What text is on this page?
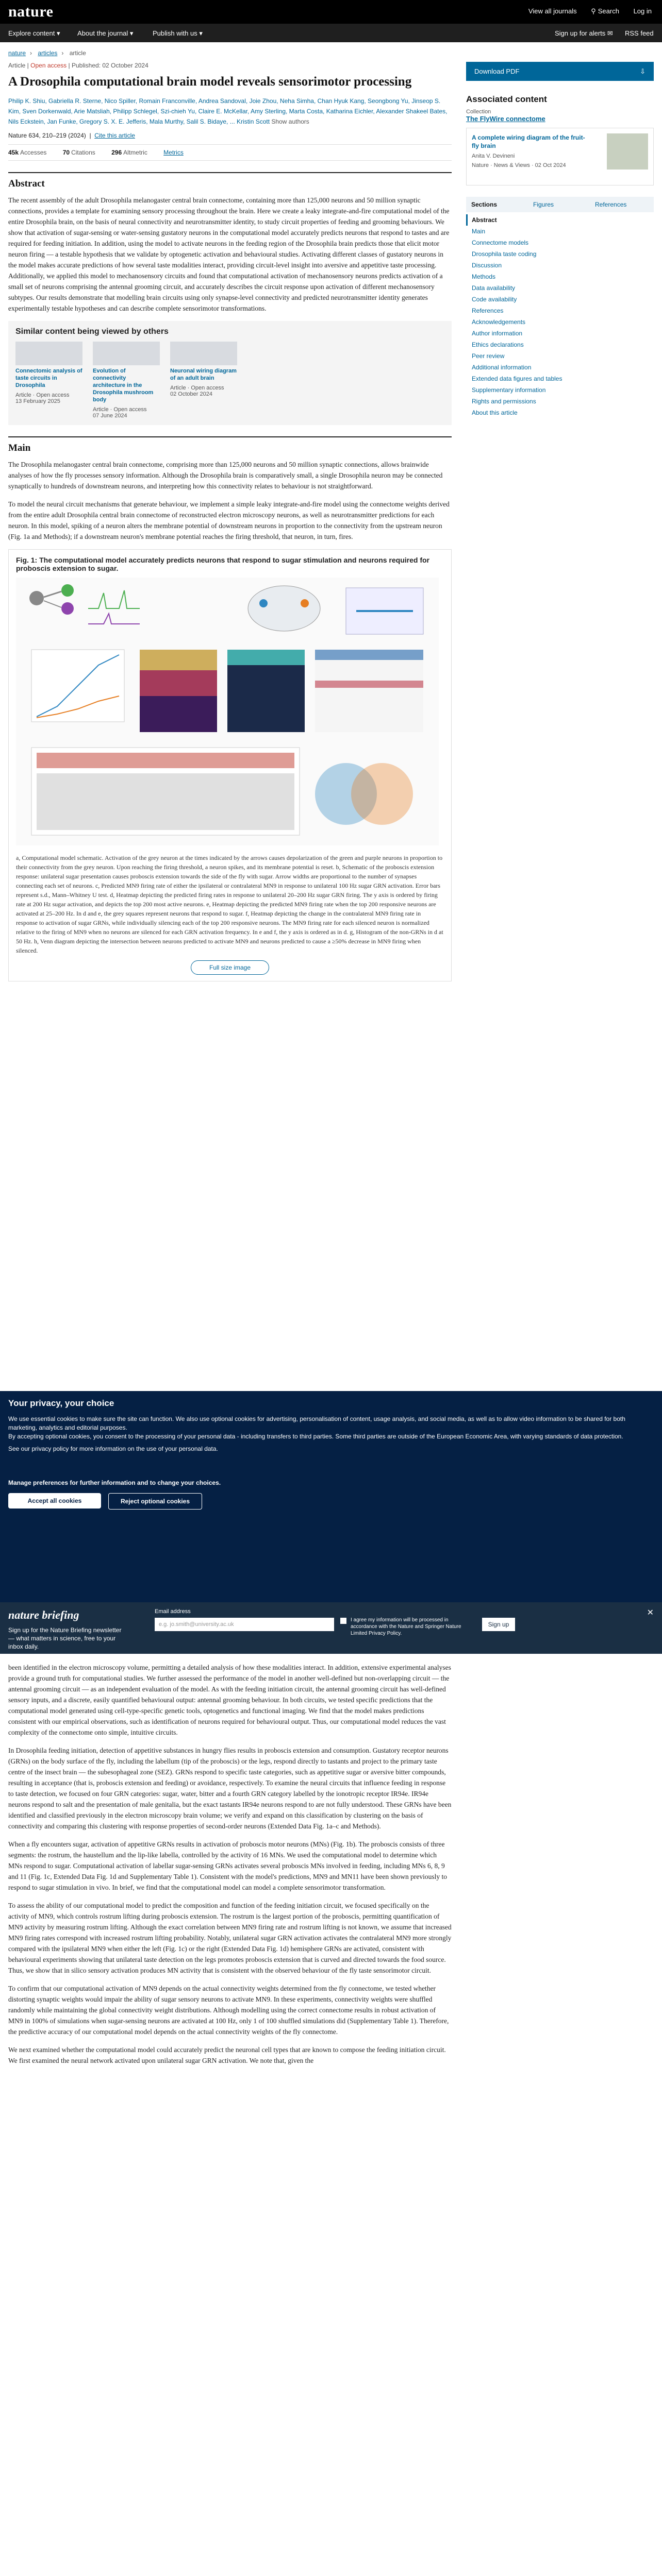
nature	View all journals ⚲ Search Log in
Explore content ▾	About the journal ▾	Publish with us ▾	Sign up for alerts ✉ RSS feed
nature › articles › article
Article | Open access | Published: 02 October 2024
A Drosophila computational brain model reveals sensorimotor processing
Philip K. Shiu, Gabriella R. Sterne, Nico Spiller, Romain Franconville, Andrea Sandoval, Joie Zhou, Neha Simha, Chan Hyuk Kang, Seongbong Yu, Jinseop S. Kim, Sven Dorkenwald, Arie Matsliah, Philipp Schlegel, Szi-chieh Yu, Claire E. McKellar, Amy Sterling, Marta Costa, Katharina Eichler, Alexander Shakeel Bates, Nils Eckstein, Jan Funke, Gregory S. X. E. Jefferis, Mala Murthy, Salil S. Bidaye, ... Kristin Scott Show authors
Nature 634, 210–219 (2024)  |  Cite this article
45k Accesses	70 Citations	296 Altmetric	Metrics
Abstract

The recent assembly of the adult Drosophila melanogaster central brain connectome, containing more than 125,000 neurons and 50 million synaptic connections, provides a template for examining sensory processing throughout the brain. Here we create a leaky integrate-and-fire computational model of the entire Drosophila brain, on the basis of neural connectivity and neurotransmitter identity, to study circuit properties of feeding and grooming behaviours. We show that activation of sugar-sensing or water-sensing gustatory neurons in the computational model accurately predicts neurons that respond to tastes and are required for feeding initiation. In addition, using the model to activate neurons in the feeding region of the Drosophila brain predicts those that elicit motor neuron firing — a testable hypothesis that we validate by optogenetic activation and behavioural studies. Activating different classes of gustatory neurons in the model makes accurate predictions of how several taste modalities interact, providing circuit-level insight into aversive and appetitive taste processing. Additionally, we applied this model to mechanosensory circuits and found that computational activation of mechanosensory neurons predicts activation of a small set of neurons comprising the antennal grooming circuit, and accurately describes the circuit response upon activation of different mechanosensory subtypes. Our results demonstrate that modelling brain circuits using only synapse-level connectivity and predicted neurotransmitter identity generates experimentally testable hypotheses and can describe complete sensorimotor transformations.

Similar content being viewed by others
Connectomic analysis of taste circuits in Drosophila
Article · Open access
13 February 2025
Evolution of connectivity architecture in the Drosophila mushroom body
Article · Open access
07 June 2024
Neuronal wiring diagram of an adult brain
Article · Open access
02 October 2024
Main

The Drosophila melanogaster central brain connectome, comprising more than 125,000 neurons and 50 million synaptic connections, allows brainwide analyses of how the fly processes sensory information. Although the Drosophila brain is comparatively small, a single Drosophila neuron may be connected synaptically to hundreds of downstream neurons, and interpreting how this connectivity relates to behaviour is not straightforward.

To model the neural circuit mechanisms that generate behaviour, we implement a simple leaky integrate-and-fire model using the connectome weights derived from the entire adult Drosophila central brain connectome of reconstructed electron microscopy neurons, as well as neurotransmitter predictions for each neuron. In this model, spiking of a neuron alters the membrane potential of downstream neurons in proportion to the connectivity from the upstream neuron (Fig. 1a and Methods); if a downstream neuron's membrane potential reaches the firing threshold, that neuron, in turn, fires.

Fig. 1: The computational model accurately predicts neurons that respond to sugar stimulation and neurons required for proboscis extension to sugar.
a, Computational model schematic. Activation of the grey neuron at the times indicated by the arrows causes depolarization of the green and purple neurons in proportion to their connectivity from the grey neuron. Upon reaching the firing threshold, a neuron spikes, and its membrane potential is reset. b, Schematic of the proboscis extension response: unilateral sugar presentation causes proboscis extension towards the side of the fly with sugar. Arrow widths are proportional to the number of synapses connecting each set of neurons. c, Predicted MN9 firing rate of either the ipsilateral or contralateral MN9 in response to unilateral 100 Hz sugar GRN activation. Error bars represent s.d., Mann–Whitney U test. d, Heatmap depicting the predicted firing rates in response to unilateral 20–200 Hz sugar GRN firing. The y axis is ordered by firing rate at 200 Hz sugar activation, and depicts the top 200 most active neurons. e, Heatmap depicting the predicted MN9 firing rate when the top 200 responsive neurons are activated at 25–200 Hz. In d and e, the grey squares represent neurons that respond to sugar. f, Heatmap depicting the change in the contralateral MN9 firing rate in response to activation of sugar GRNs, while individually silencing each of the top 200 responsive neurons. The MN9 firing rate for each silenced neuron is normalized relative to the firing of MN9 when no neurons are silenced for each GRN activation frequency. In e and f, the y axis is ordered as in d. g, Histogram of the non-GRNs in d at 50 Hz. h, Venn diagram depicting the intersection between neurons predicted to activate MN9 and neurons predicted to cause a ≥50% decrease in MN9 firing when silenced.
Full size image
Download PDF	⇩
Associated content
Collection
The FlyWire connectome
A complete wiring diagram of the fruit-fly brain
Anita V. Devineni
Nature · News & Views · 02 Oct 2024
Sections	Figures	References
Abstract
Main
Connectome models
Drosophila taste coding
Discussion
Methods
Data availability
Code availability
References
Acknowledgements
Author information
Ethics declarations
Peer review
Additional information
Extended data figures and tables
Supplementary information
Rights and permissions
About this article
Your privacy, your choice

We use essential cookies to make sure the site can function. We also use optional cookies for advertising, personalisation of content, usage analysis, and social media, as well as to allow video information to be shared for both marketing, analytics and editorial purposes.

By accepting optional cookies, you consent to the processing of your personal data - including transfers to third parties. Some third parties are outside of the European Economic Area, with varying standards of data protection.

See our privacy policy for more information on the use of your personal data.

Manage preferences for further information and to change your choices.

Accept all cookies	Reject optional cookies
nature briefing
Sign up for the Nature Briefing newsletter — what matters in science, free to your inbox daily.
Email address
e.g. jo.smith@university.ac.uk
I agree my information will be processed in accordance with the Nature and Springer Nature Limited Privacy Policy.
Sign up
✕

been identified in the electron microscopy volume, permitting a detailed analysis of how these modalities interact. In addition, extensive experimental analyses provide a ground truth for computational studies. We further assessed the performance of the model in another well-defined but non-overlapping circuit — the antennal grooming circuit — as an independent evaluation of the model. As with the feeding initiation circuit, the antennal grooming circuit has well-defined sensory inputs, and a discrete, easily quantified behavioural output: antennal grooming behaviour. In both circuits, we tested specific predictions that the computational model generated using cell-type-specific genetic tools, optogenetics and functional imaging. We find that the model makes predictions consistent with our empirical observations, such as identification of neurons required for behavioural output. Thus, our computational model reduces the vast complexity of the connectome onto simple, intuitive circuits.

In Drosophila feeding initiation, detection of appetitive substances in hungry flies results in proboscis extension and consumption. Gustatory receptor neurons (GRNs) on the body surface of the fly, including the labellum (tip of the proboscis) or the legs, respond directly to tastants and project to the primary taste centre of the insect brain — the subesophageal zone (SEZ). GRNs respond to specific taste categories, such as appetitive sugar or aversive bitter compounds, resulting in acceptance (that is, proboscis extension and feeding) or avoidance, respectively. To examine the neural circuits that influence feeding in response to taste detection, we focused on four GRN categories: sugar, water, bitter and a fourth GRN category labelled by the ionotropic receptor IR94e. IR94e neurons respond to salt and the presentation of male genitalia, but the exact tastants IR94e neurons respond to are not fully understood. These GRNs have been identified and classified previously in the electron microscopy brain volume; we verify and expand on this classification by clustering on the basis of connectivity and comparing this clustering with response properties of second-order neurons (Extended Data Fig. 1a–c and Methods).

When a fly encounters sugar, activation of appetitive GRNs results in activation of proboscis motor neurons (MNs) (Fig. 1b). The proboscis consists of three segments: the rostrum, the haustellum and the lip-like labella, controlled by the activity of 16 MNs. We used the computational model to determine which MNs respond to sugar. Computational activation of labellar sugar-sensing GRNs activates several proboscis MNs involved in feeding, including MNs 6, 8, 9 and 11 (Fig. 1c, Extended Data Fig. 1d and Supplementary Table 1). Consistent with the model's predictions, MN9 and MN11 have been shown previously to respond to sugar stimulation in vivo. In brief, we find that the computational model can model a complete sensorimotor transformation.

To assess the ability of our computational model to predict the composition and function of the feeding initiation circuit, we focused specifically on the activity of MN9, which controls rostrum lifting during proboscis extension. The rostrum is the largest portion of the proboscis, permitting quantification of MN9 activity by measuring rostrum lifting. Although the exact correlation between MN9 firing rate and rostrum lifting is not known, we assume that increased MN9 firing rates correspond with increased rostrum lifting probability. Notably, unilateral sugar GRN activation activates the contralateral MN9 more strongly compared with the ipsilateral MN9 when either the left (Fig. 1c) or the right (Extended Data Fig. 1d) hemisphere GRNs are activated, consistent with behavioural experiments showing that unilateral taste detection on the legs promotes proboscis extension that is curved and directed towards the food source. Thus, we show that in silico sensory activation produces MN activity that is consistent with the observed behaviour of the fly taste sensorimotor circuit.

To confirm that our computational activation of MN9 depends on the actual connectivity weights determined from the fly connectome, we tested whether distorting synaptic weights would impair the ability of sugar sensory neurons to activate MN9. In these experiments, connectivity weights were shuffled randomly while maintaining the global connectivity weight distributions. Although modelling using the correct connectome results in robust activation of MN9 in 100% of simulations when sugar-sensing neurons are activated at 100 Hz, only 1 of 100 shuffled simulations did (Supplementary Table 1). Therefore, the predictive accuracy of our computational model depends on the actual connectivity weights of the fly connectome.

We next examined whether the computational model could accurately predict the neuronal cell types that are known to compose the feeding initiation circuit. We first examined the neural network activated upon unilateral sugar GRN activation. We note that, given the
